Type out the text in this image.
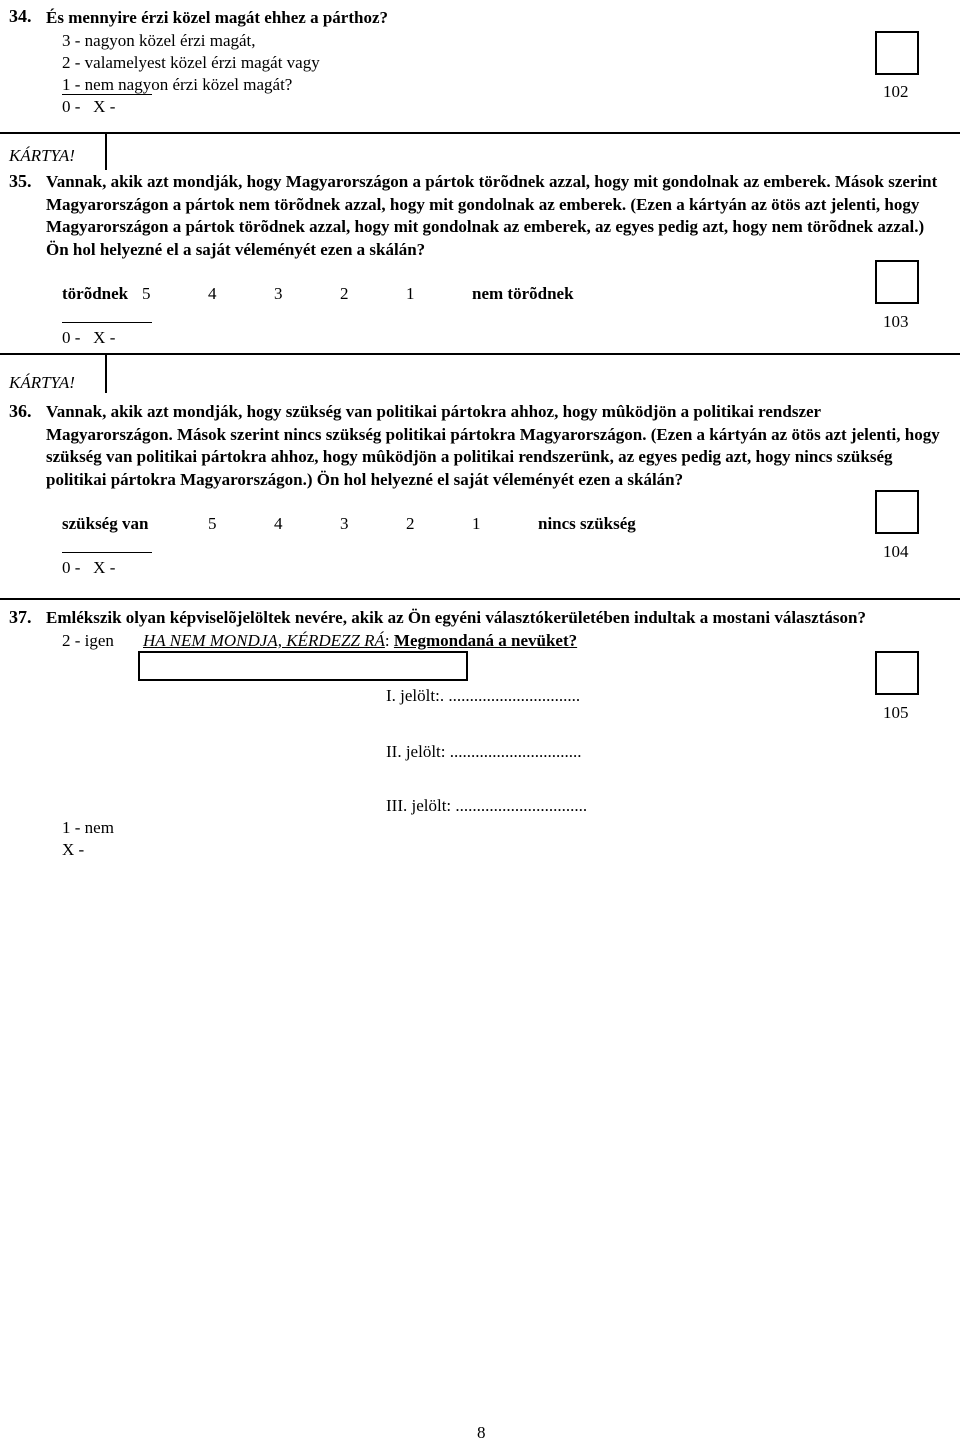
34. És mennyire érzi közel magát ehhez a párthoz?
3 - nagyon közel érzi magát,
2 - valamelyest közel érzi magát vagy
1 - nem nagyon érzi közel magát?
0 -   X -
102
KÁRTYA!
35. Vannak, akik azt mondják, hogy Magyarországon a pártok törõdnek azzal, hogy mit gondolnak az emberek. Mások szerint Magyarországon a pártok nem törõdnek azzal, hogy mit gondolnak az emberek. (Ezen a kártyán az ötös azt jelenti, hogy Magyarországon a pártok törõdnek azzal, hogy mit gondolnak az emberek, az egyes pedig azt, hogy nem törõdnek azzal.) Ön hol helyezné el a saját véleményét ezen a skálán?
törõdnek 5	4	3	2	1	nem törõdnek
0 -   X -
103
KÁRTYA!
36. Vannak, akik azt mondják, hogy szükség van politikai pártokra ahhoz, hogy mûködjön a politikai rendszer Magyarországon. Mások szerint nincs szükség politikai pártokra Magyarországon. (Ezen a kártyán az ötös azt jelenti, hogy szükség van politikai pártokra ahhoz, hogy mûködjön a politikai rendszerünk, az egyes pedig azt, hogy nincs szükség politikai pártokra Magyarországon.) Ön hol helyezné el saját véleményét ezen a skálán?
szükség van	5	4	3	2	1	nincs szükség
0 -   X -
104
37. Emlékszik olyan képviselõjelöltek nevére, akik az Ön egyéni választókerületében indultak a mostani választáson?
2 - igen HA NEM MONDJA, KÉRDEZZ RÁ: Megmondaná a nevüket?
I. jelölt:. ...............................
II. jelölt: ...............................
III. jelölt: ...............................
1 - nem
X -
105
8
